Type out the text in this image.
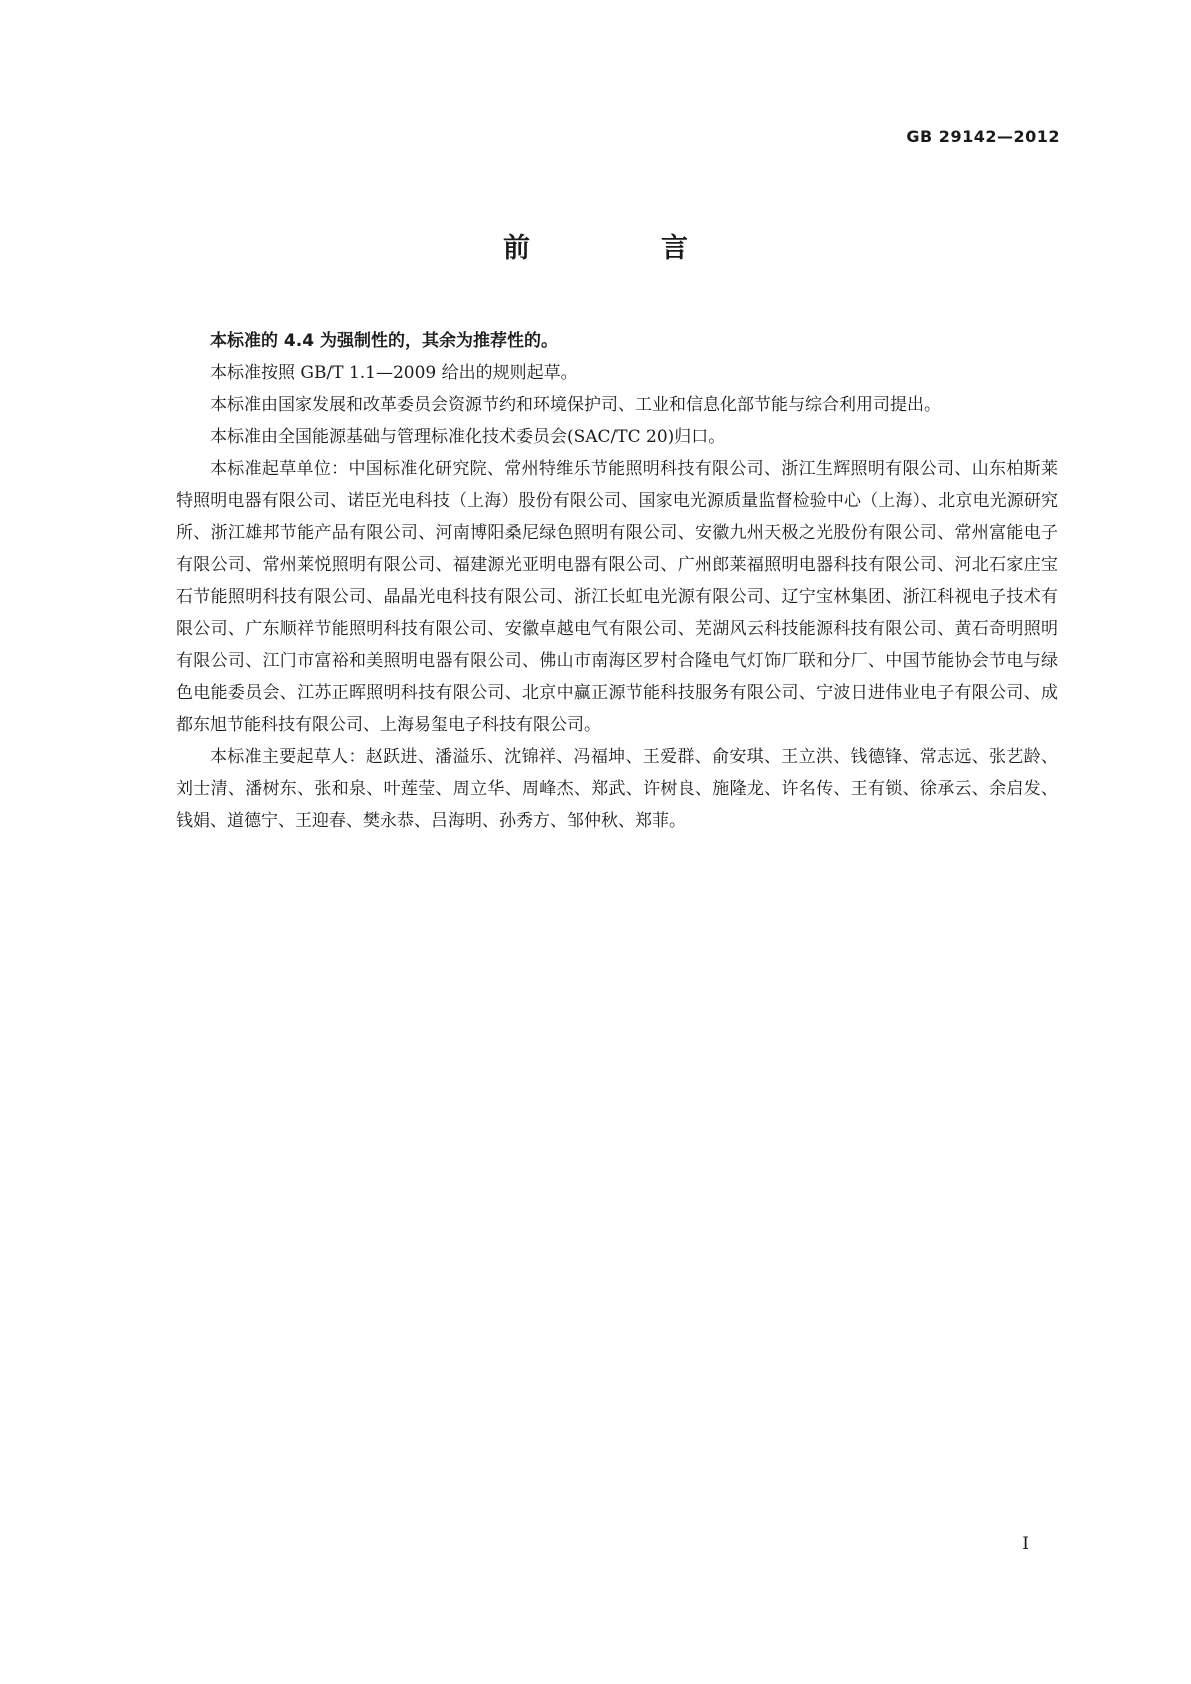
GB 29142—2012
前　言

本标准的 4.4 为强制性的，其余为推荐性的。

本标准按照 GB/T 1.1—2009 给出的规则起草。

本标准由国家发展和改革委员会资源节约和环境保护司、工业和信息化部节能与综合利用司提出。

本标准由全国能源基础与管理标准化技术委员会(SAC/TC 20)归口。

本标准起草单位：中国标准化研究院、常州特维乐节能照明科技有限公司、浙江生辉照明有限公司、山东柏斯莱特照明电器有限公司、诺臣光电科技（上海）股份有限公司、国家电光源质量监督检验中心（上海）、北京电光源研究所、浙江雄邦节能产品有限公司、河南博阳桑尼绿色照明有限公司、安徽九州天极之光股份有限公司、常州富能电子有限公司、常州莱悦照明有限公司、福建源光亚明电器有限公司、广州郎莱福照明电器科技有限公司、河北石家庄宝石节能照明科技有限公司、晶晶光电科技有限公司、浙江长虹电光源有限公司、辽宁宝林集团、浙江科视电子技术有限公司、广东顺祥节能照明科技有限公司、安徽卓越电气有限公司、芜湖风云科技能源科技有限公司、黄石奇明照明有限公司、江门市富裕和美照明电器有限公司、佛山市南海区罗村合隆电气灯饰厂联和分厂、中国节能协会节电与绿色电能委员会、江苏正晖照明科技有限公司、北京中赢正源节能科技服务有限公司、宁波日进伟业电子有限公司、成都东旭节能科技有限公司、上海易玺电子科技有限公司。

本标准主要起草人：赵跃进、潘溢乐、沈锦祥、冯福坤、王爱群、俞安琪、王立洪、钱德锋、常志远、张艺龄、刘士清、潘树东、张和泉、叶莲莹、周立华、周峰杰、郑武、许树良、施隆龙、许名传、王有锁、徐承云、余启发、钱娟、道德宁、王迎春、樊永恭、吕海明、孙秀方、邹仲秋、郑菲。

I
